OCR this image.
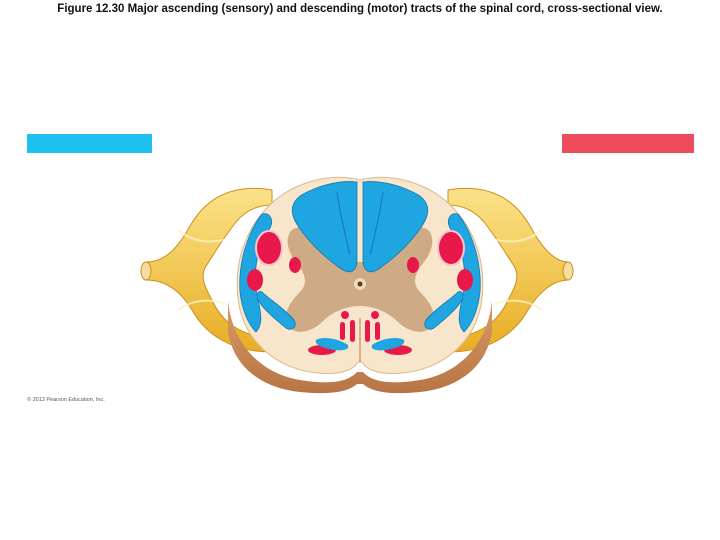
Figure 12.30 Major ascending (sensory) and descending (motor) tracts of the spinal cord, cross-sectional view.
© 2013 Pearson Education, Inc.
